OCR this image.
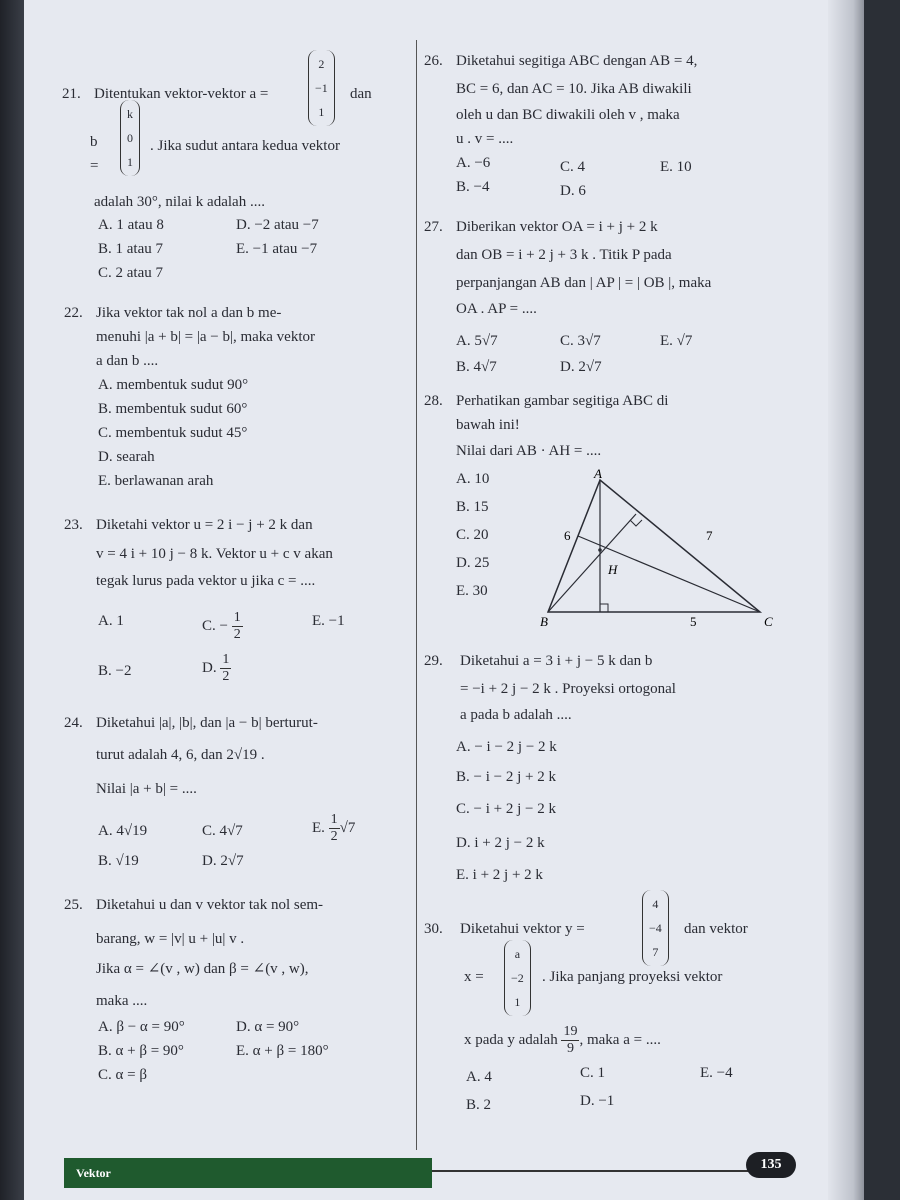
21. Ditentukan vektor-vektor a =
2
−1
1
dan
b =
k
0
1
. Jika sudut antara kedua vektor
adalah 30°, nilai k adalah ....
A. 1 atau 8
B. 1 atau 7
C. 2 atau 7
D. −2 atau −7
E. −1 atau −7
22. Jika vektor tak nol a dan b me-
menuhi |a + b| = |a − b|, maka vektor
a dan b ....
A. membentuk sudut 90°
B. membentuk sudut 60°
C. membentuk sudut 45°
D. searah
E. berlawanan arah
23. Diketahi vektor u = 2 i − j + 2 k dan
v = 4 i + 10 j − 8 k. Vektor u + c v akan
tegak lurus pada vektor u jika c = ....
A. 1
B. −2
C. − $\frac{1}{2}$
D. $\frac{1}{2}$
E. −1
24. Diketahui |a|, |b|, dan |a − b| berturut-
turut adalah 4, 6, dan 2√19 .
Nilai |a + b| = ....
A. 4√19
B. √19
C. 4√7
D. 2√7
E. $\frac{1}{2} √7$
25. Diketahui u dan v vektor tak nol sem-
barang, w = |v| u + |u| v .
Jika α = ∠(v , w) dan β = ∠(v , w),
maka ....
A. β − α = 90°
B. α + β = 90°
C. α = β
D. α = 90°
E. α + β = 180°
26. Diketahui segitiga ABC dengan AB = 4,
BC = 6, dan AC = 10. Jika AB diwakili
oleh u dan BC diwakili oleh v , maka
u . v = ....
A. −6
B. −4
C. 4
D. 6
E. 10
27. Diberikan vektor OA = i + j + 2 k
dan OB = i + 2 j + 3 k . Titik P pada
perpanjangan AB dan | AP | = | OB |, maka
OA . AP = ....
A. 5√7
B. 4√7
C. 3√7
D. 2√7
E. √7
28. Perhatikan gambar segitiga ABC di
bawah ini!
Nilai dari AB · AH = ....
A. 10
B. 15
C. 20
D. 25
E. 30
A
B	C
H
6	7
5
29. Diketahui a = 3 i + j − 5 k dan b
= −i + 2 j − 2 k . Proyeksi ortogonal
a pada b adalah ....
A. − i − 2 j − 2 k
B. − i − 2 j + 2 k
C. − i + 2 j − 2 k
D. i + 2 j − 2 k
E. i + 2 j + 2 k
30. Diketahui vektor y =
4
−4
7
dan vektor
x =
a
−2
1
. Jika panjang proyeksi vektor
x pada y adalah $\frac{19}{9}$ , maka a = ....
A. 4
B. 2
C. 1
D. −1
E. −4
Vektor
135
